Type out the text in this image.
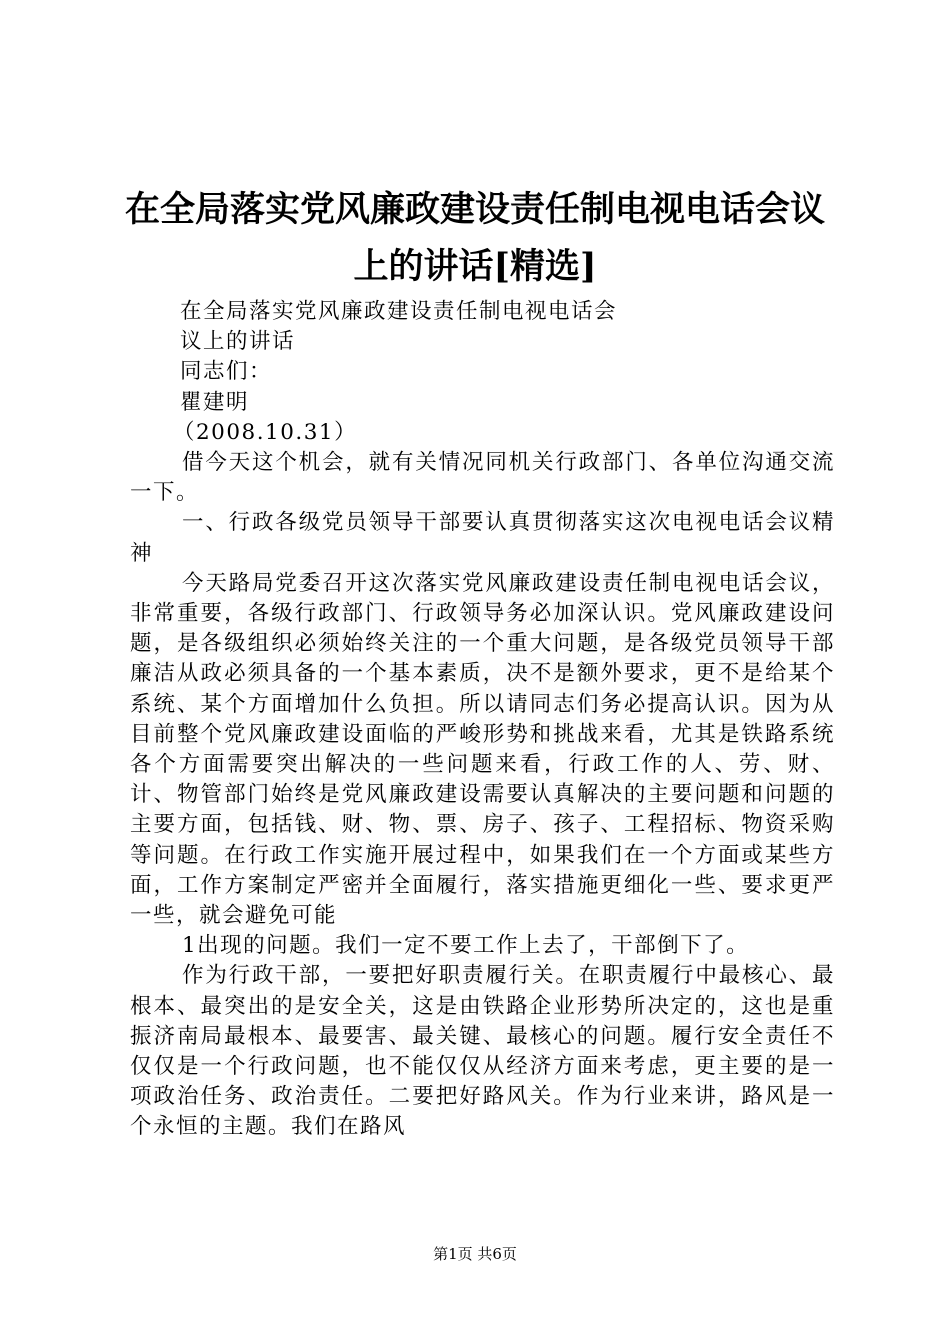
在全局落实党风廉政建设责任制电视电话会议
上的讲话[精选]

在全局落实党风廉政建设责任制电视电话会

议上的讲话

同志们：

瞿建明

（2008.10.31）

借今天这个机会，就有关情况同机关行政部门、各单位沟通交流一下。

一、行政各级党员领导干部要认真贯彻落实这次电视电话会议精神

今天路局党委召开这次落实党风廉政建设责任制电视电话会议，非常重要，各级行政部门、行政领导务必加深认识。党风廉政建设问题，是各级组织必须始终关注的一个重大问题，是各级党员领导干部廉洁从政必须具备的一个基本素质，决不是额外要求，更不是给某个系统、某个方面增加什么负担。所以请同志们务必提高认识。因为从目前整个党风廉政建设面临的严峻形势和挑战来看，尤其是铁路系统各个方面需要突出解决的一些问题来看，行政工作的人、劳、财、计、物管部门始终是党风廉政建设需要认真解决的主要问题和问题的主要方面，包括钱、财、物、票、房子、孩子、工程招标、物资采购等问题。在行政工作实施开展过程中，如果我们在一个方面或某些方面，工作方案制定严密并全面履行，落实措施更细化一些、要求更严一些，就会避免可能

1出现的问题。我们一定不要工作上去了，干部倒下了。

作为行政干部，一要把好职责履行关。在职责履行中最核心、最根本、最突出的是安全关，这是由铁路企业形势所决定的，这也是重振济南局最根本、最要害、最关键、最核心的问题。履行安全责任不仅仅是一个行政问题，也不能仅仅从经济方面来考虑，更主要的是一项政治任务、政治责任。二要把好路风关。作为行业来讲，路风是一个永恒的主题。我们在路风

第1页 共6页
